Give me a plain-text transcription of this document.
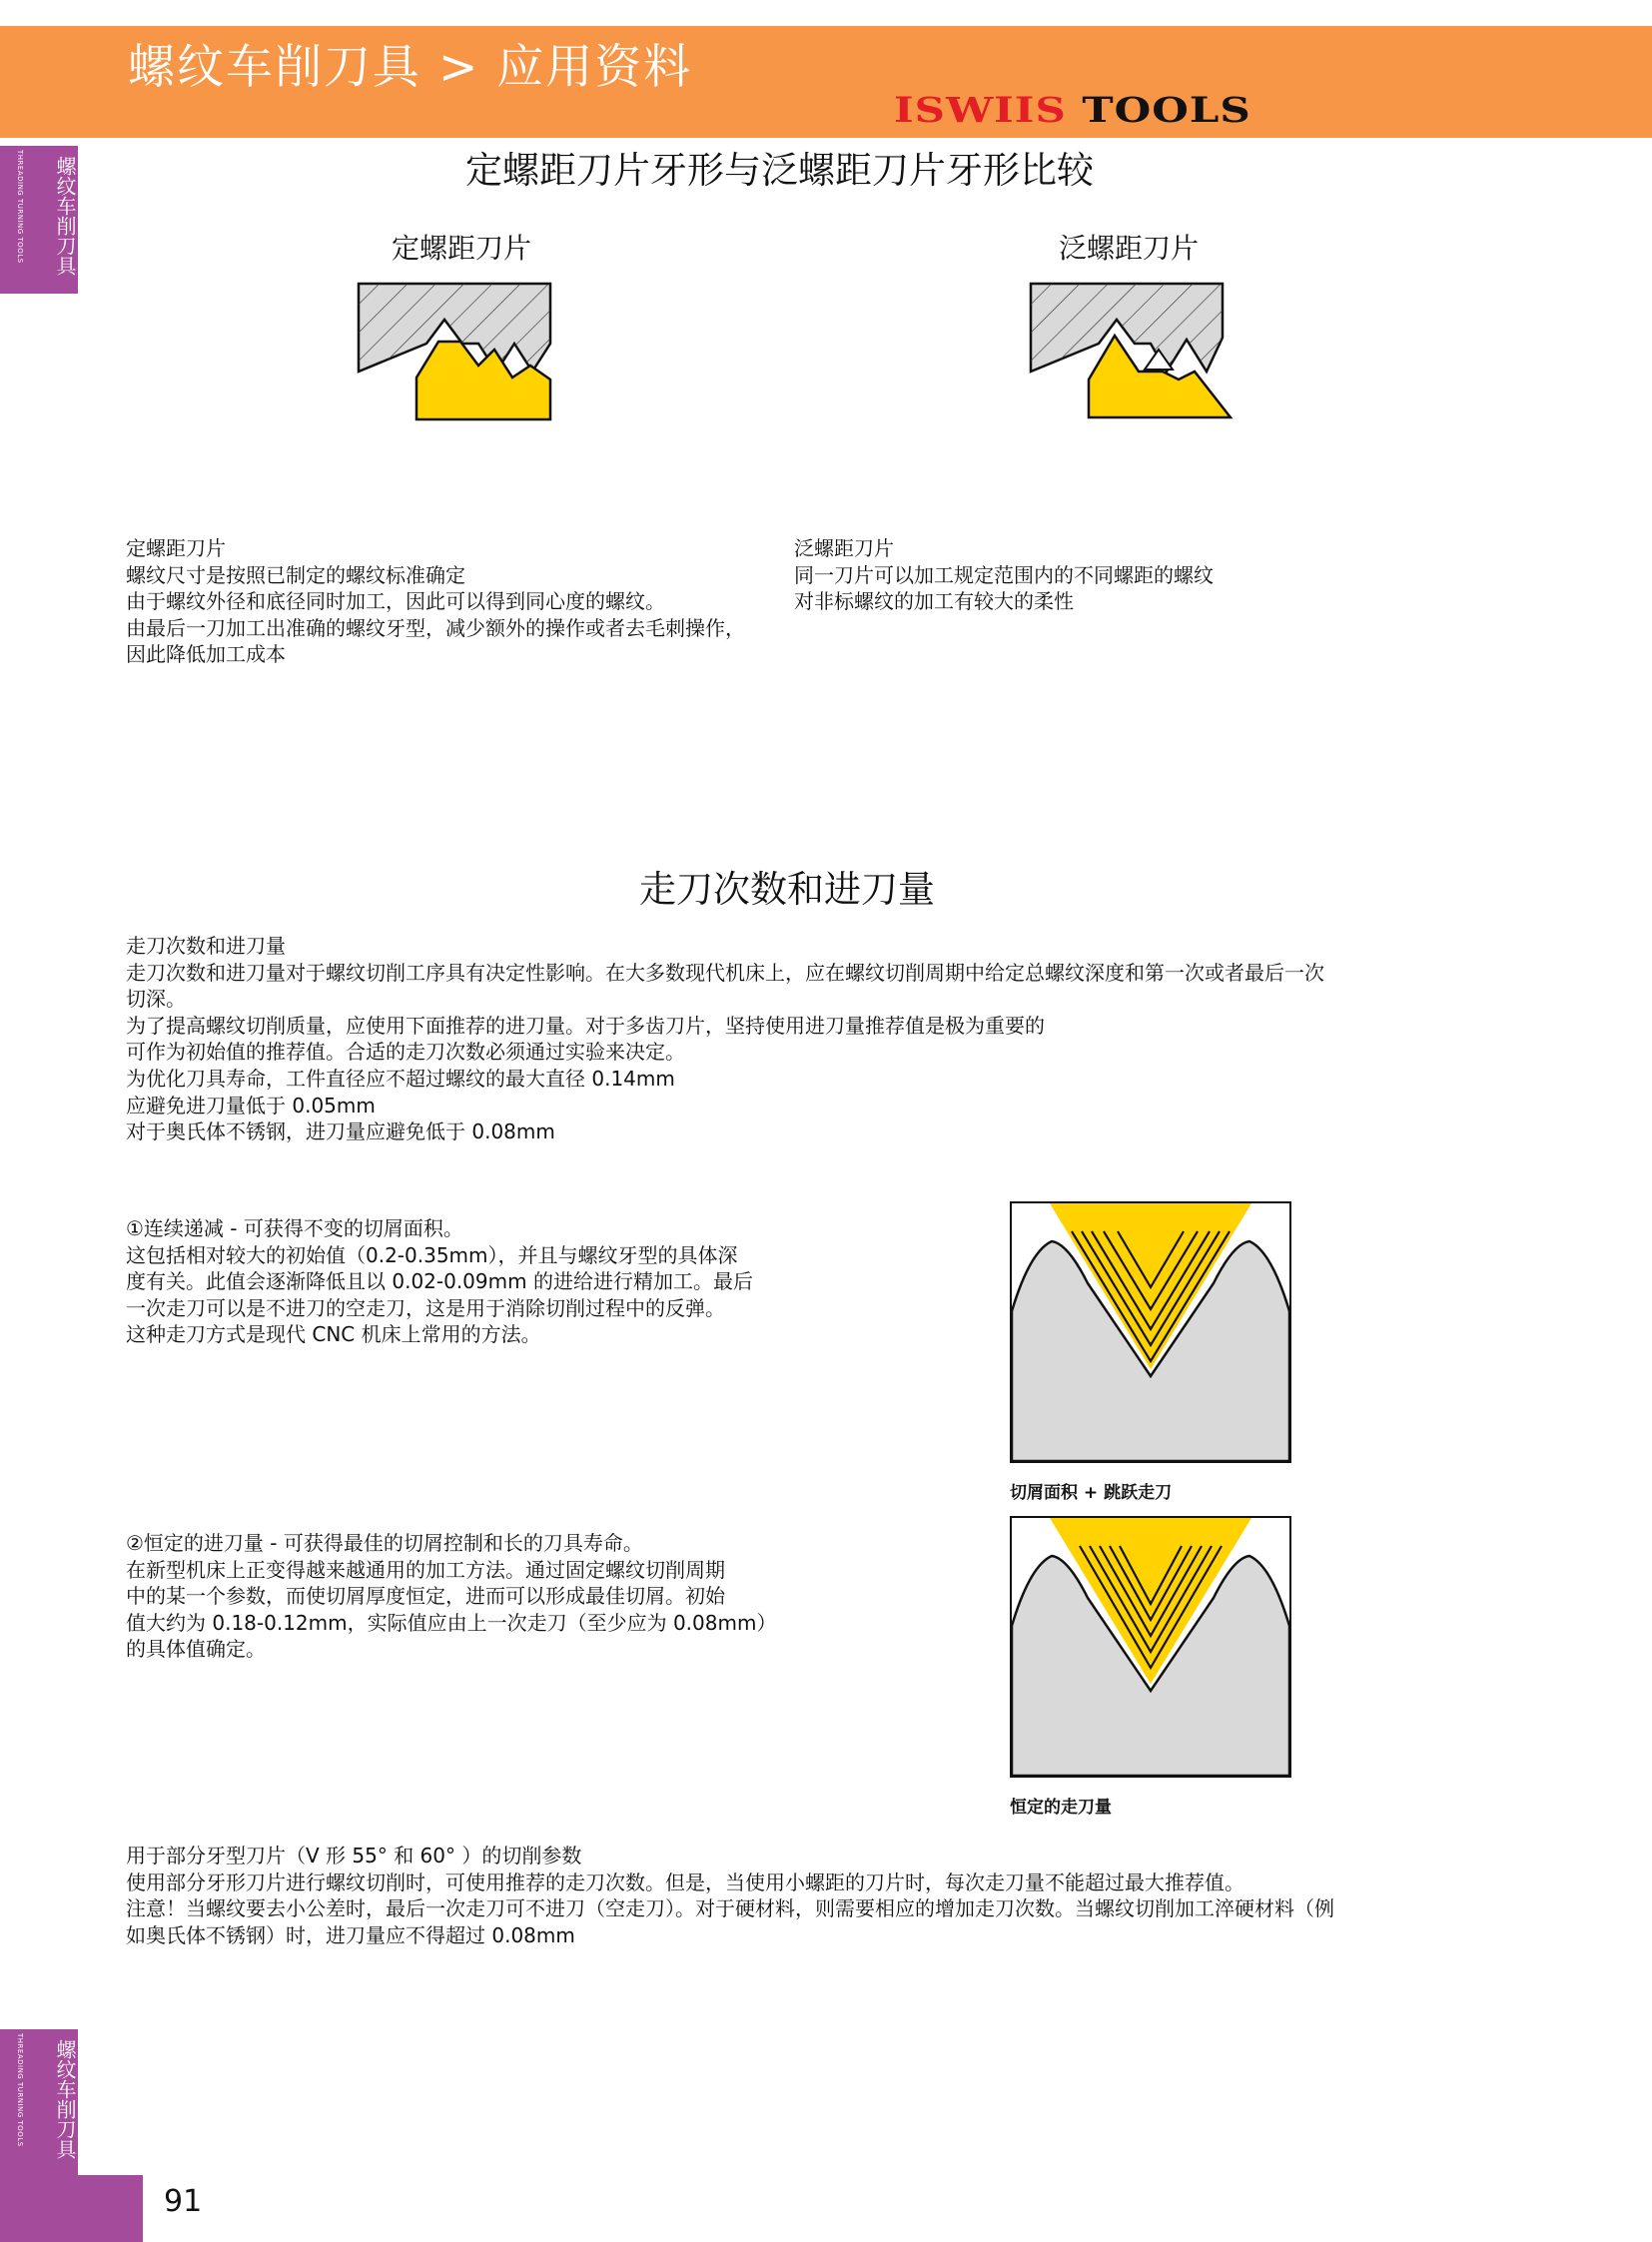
螺纹车削刀具 > 应用资料
ISWIIS TOOLS
螺纹车削刀具
THREADING TURNING TOOLS
螺纹车削刀具
THREADING TURNING TOOLS
定螺距刀片牙形与泛螺距刀片牙形比较
定螺距刀片	泛螺距刀片
定螺距刀片
螺纹尺寸是按照已制定的螺纹标准确定
由于螺纹外径和底径同时加工，因此可以得到同心度的螺纹。
由最后一刀加工出准确的螺纹牙型，减少额外的操作或者去毛刺操作，
因此降低加工成本
泛螺距刀片
同一刀片可以加工规定范围内的不同螺距的螺纹
对非标螺纹的加工有较大的柔性
走刀次数和进刀量
走刀次数和进刀量
走刀次数和进刀量对于螺纹切削工序具有决定性影响。在大多数现代机床上，应在螺纹切削周期中给定总螺纹深度和第一次或者最后一次
切深。
为了提高螺纹切削质量，应使用下面推荐的进刀量。对于多齿刀片，坚持使用进刀量推荐值是极为重要的
可作为初始值的推荐值。合适的走刀次数必须通过实验来决定。
为优化刀具寿命，工件直径应不超过螺纹的最大直径 0.14mm
应避免进刀量低于 0.05mm
对于奥氏体不锈钢，进刀量应避免低于 0.08mm
①连续递减 - 可获得不变的切屑面积。
这包括相对较大的初始值（0.2-0.35mm），并且与螺纹牙型的具体深
度有关。此值会逐渐降低且以 0.02-0.09mm 的进给进行精加工。最后
一次走刀可以是不进刀的空走刀，这是用于消除切削过程中的反弹。
这种走刀方式是现代 CNC 机床上常用的方法。
切屑面积 + 跳跃走刀
②恒定的进刀量 - 可获得最佳的切屑控制和长的刀具寿命。
在新型机床上正变得越来越通用的加工方法。通过固定螺纹切削周期
中的某一个参数，而使切屑厚度恒定，进而可以形成最佳切屑。初始
值大约为 0.18-0.12mm，实际值应由上一次走刀（至少应为 0.08mm）
的具体值确定。
恒定的走刀量
用于部分牙型刀片（V 形 55° 和 60° ）的切削参数
使用部分牙形刀片进行螺纹切削时，可使用推荐的走刀次数。但是，当使用小螺距的刀片时，每次走刀量不能超过最大推荐值。
注意！当螺纹要去小公差时，最后一次走刀可不进刀（空走刀）。对于硬材料，则需要相应的增加走刀次数。当螺纹切削加工淬硬材料（例
如奥氏体不锈钢）时，进刀量应不得超过 0.08mm
91
